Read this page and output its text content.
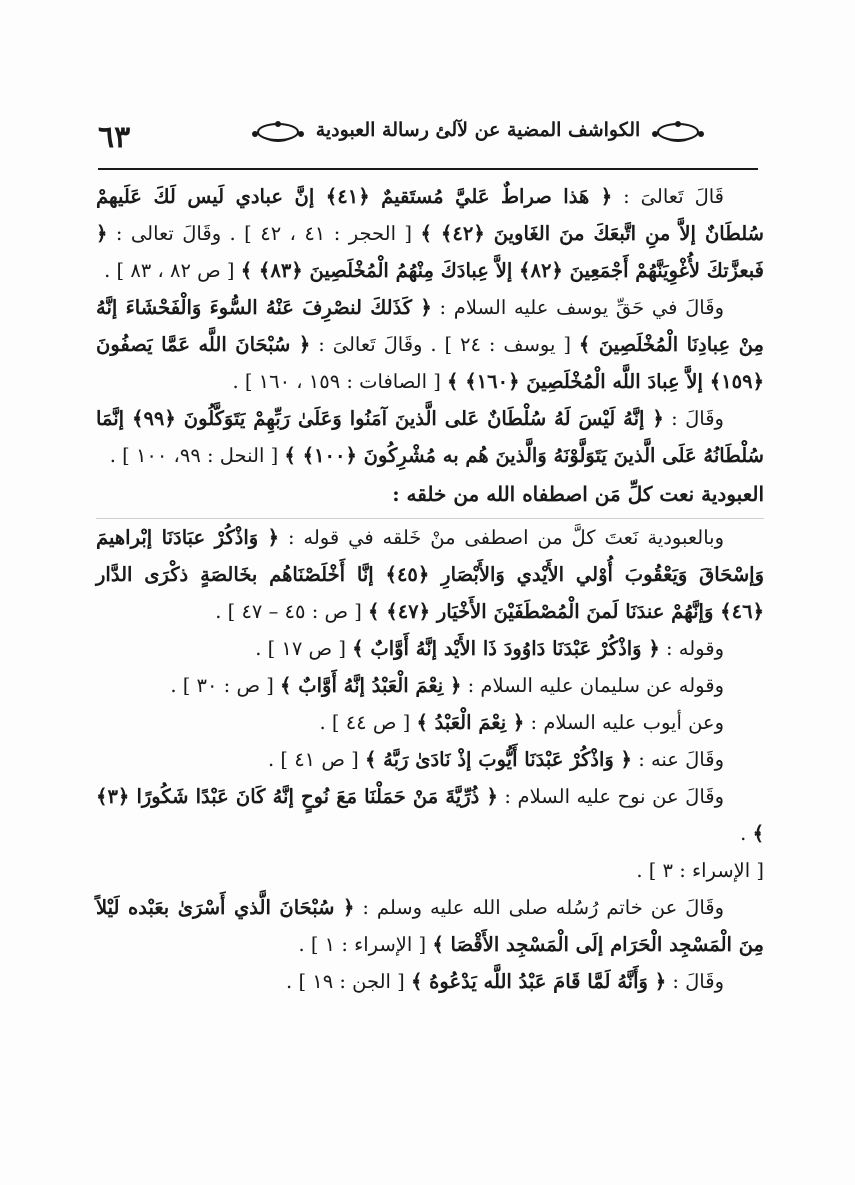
٦٣	الكواشف المضية عن لآلئ رسالة العبودية

قَالَ تَعالىَ : ﴿ هَذا صراطٌ عَليَّ مُستَقيمٌ ﴿٤١﴾ إنَّ عبادي لَيس لَكَ عَلَيهمْ سُلطَانٌ إلاَّ منِ اتَّبعَكَ منَ الغَاوينَ ﴿٤٢﴾ ﴾ [ الحجر : ٤١ ، ٤٢ ] . وقَالَ تعالى : ﴿ فَبعزَّتكَ لأُغْوِيَنَّهُمْ أَجْمَعِينَ ﴿٨٢﴾ إلاَّ عِبادَكَ مِنْهُمُ الْمُخْلَصِينَ ﴿٨٣﴾ ﴾ [ ص ٨٢ ، ٨٣ ] .

وقَالَ في حَقِّ يوسف عليه السلام : ﴿ كَذَلكَ لنصْرِفَ عَنْهُ السُّوءَ وَالْفَحْشَاءَ إنَّهُ مِنْ عِبادِنَا الْمُخْلَصِينَ ﴾ [ يوسف : ٢٤ ] . وقَالَ تَعالىَ : ﴿ سُبْحَانَ اللَّه عَمَّا يَصفُونَ ﴿١٥٩﴾ إلاَّ عِبادَ اللَّه الْمُخْلَصِينَ ﴿١٦٠﴾ ﴾ [ الصافات : ١٥٩ ، ١٦٠ ] .

وقَالَ : ﴿ إنَّهُ لَيْسَ لَهُ سُلْطَانٌ عَلى الَّذينَ آمَنُوا وَعَلَىٰ رَبِّهِمْ يَتَوَكَّلُونَ ﴿٩٩﴾ إنَّمَا سُلْطَانُهُ عَلَى الَّذينَ يَتَوَلَّوْنَهُ وَالَّذينَ هُم به مُشْرِكُونَ ﴿١٠٠﴾ ﴾ [ النحل : ٩٩، ١٠٠ ] .

العبودية نعت كلِّ مَن اصطفاه الله من خلقه :

وبالعبودية نَعتَ كلَّ من اصطفى منْ خَلقه في قوله : ﴿ وَاذْكُرْ عبَادَنَا إبْراهيمَ وَإسْحَاقَ وَيَعْقُوبَ أُوْلي الأَيْدي وَالأَبْصَارِ ﴿٤٥﴾ إنَّا أَخْلَصْنَاهُم بخَالصَةٍ ذكْرَى الدَّار ﴿٤٦﴾ وَإنَّهُمْ عندَنَا لَمنَ الْمُصْطَفَيْنَ الأَخْيَار ﴿٤٧﴾ ﴾ [ ص : ٤٥ – ٤٧ ] .

وقوله : ﴿ وَاذْكُرْ عَبْدَنَا دَاوُودَ ذَا الأَيْد إنَّهُ أَوَّابٌ ﴾ [ ص ١٧ ] .

وقوله عن سليمان عليه السلام : ﴿ نِعْمَ الْعَبْدُ إنَّهُ أَوَّابٌ ﴾ [ ص : ٣٠ ] .

وعن أيوب عليه السلام : ﴿ نِعْمَ الْعَبْدُ ﴾ [ ص ٤٤ ] .

وقَالَ عنه : ﴿ وَاذْكُرْ عَبْدَنَا أَيُّوبَ إذْ نَادَىٰ رَبَّهُ ﴾ [ ص ٤١ ] .

وقَالَ عن نوح عليه السلام : ﴿ ذُرِّيَّةَ مَنْ حَمَلْنَا مَعَ نُوحٍ إنَّهُ كَانَ عَبْدًا شَكُورًا ﴿٣﴾ ﴾ .

[ الإسراء : ٣ ] .

وقَالَ عن خاتم رُسُله صلى الله عليه وسلم : ﴿ سُبْحَانَ الَّذي أَسْرَىٰ بعَبْده لَيْلاً مِنَ الْمَسْجِد الْحَرَام إلَى الْمَسْجِد الأَقْصَا ﴾ [ الإسراء : ١ ] .

وقَالَ : ﴿ وَأَنَّهُ لَمَّا قَامَ عَبْدُ اللَّه يَدْعُوهُ ﴾ [ الجن : ١٩ ] .
